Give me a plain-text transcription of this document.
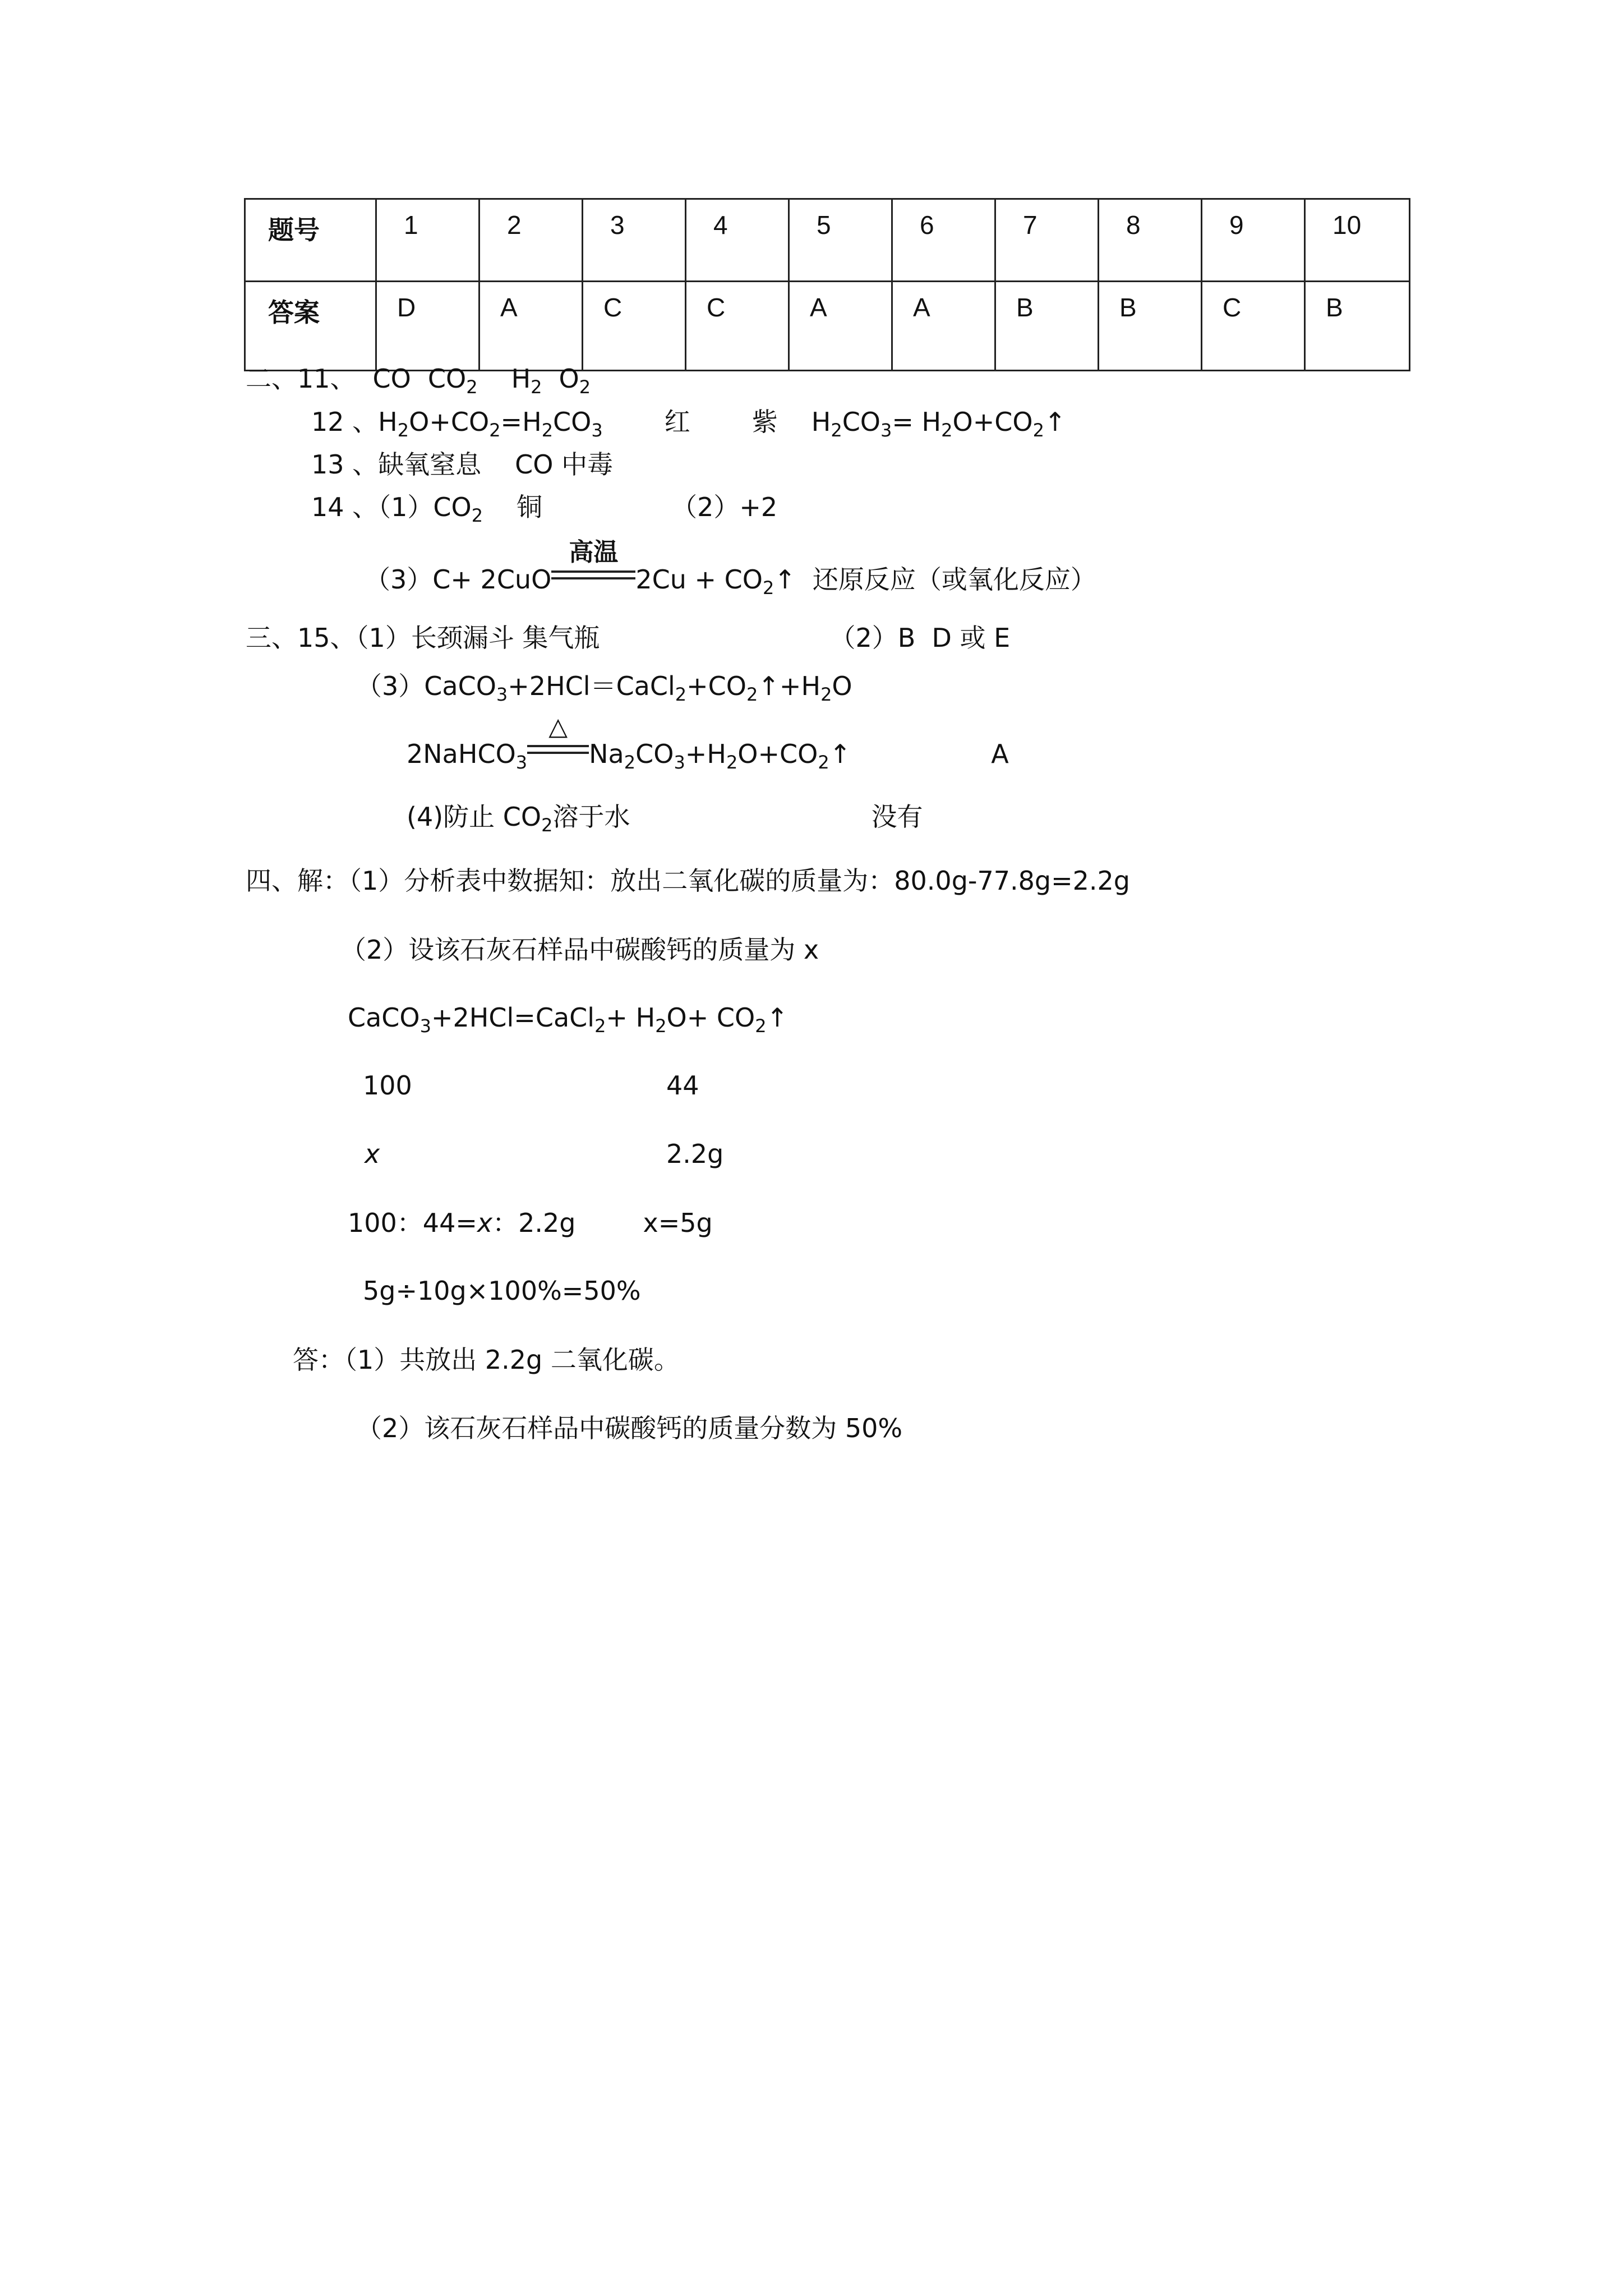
题号	1	2	3	4	5	6	7	8	9	10
答案	D	A	C	C	A	A	B	B	C	B
二、11、 CO $CO_2$ $H_2$ $O_2$
12 、$H_2O+CO_2=H_2CO_3$ 红 紫 $H_2CO_3=$ $H_2O+CO_2↑$
13 、缺氧窒息 CO 中毒
14 、$(1)CO_2$ 铜	（2）+2
（3）C+ 2CuO
高温
$2Cu + CO_2↑$ 还原反应（或氧化反应）
三、15、（1）长颈漏斗 集气瓶	（2）B  D 或 E
$(3)CaCO_3+2HCl=CaCl_2+CO_2↑+H_2O$
2NaHCO$_3$
△
$Na_2CO_3+H_2O+CO_2↑$	A
(4)防止 $CO_2$溶于水	没有
四、解：（1）分析表中数据知：放出二氧化碳的质量为：80.0g-77.8g=2.2g
（2）设该石灰石样品中碳酸钙的质量为 x
CaCO$_3$+2HCl=CaCl$_2$+ $H_2O+$ $CO_2↑$
100	44
x	2.2g
100：44=x：2.2g	x=5g
5g÷10g×100%=50%
答：（1）共放出 2.2g 二氧化碳。
（2）该石灰石样品中碳酸钙的质量分数为 50%
